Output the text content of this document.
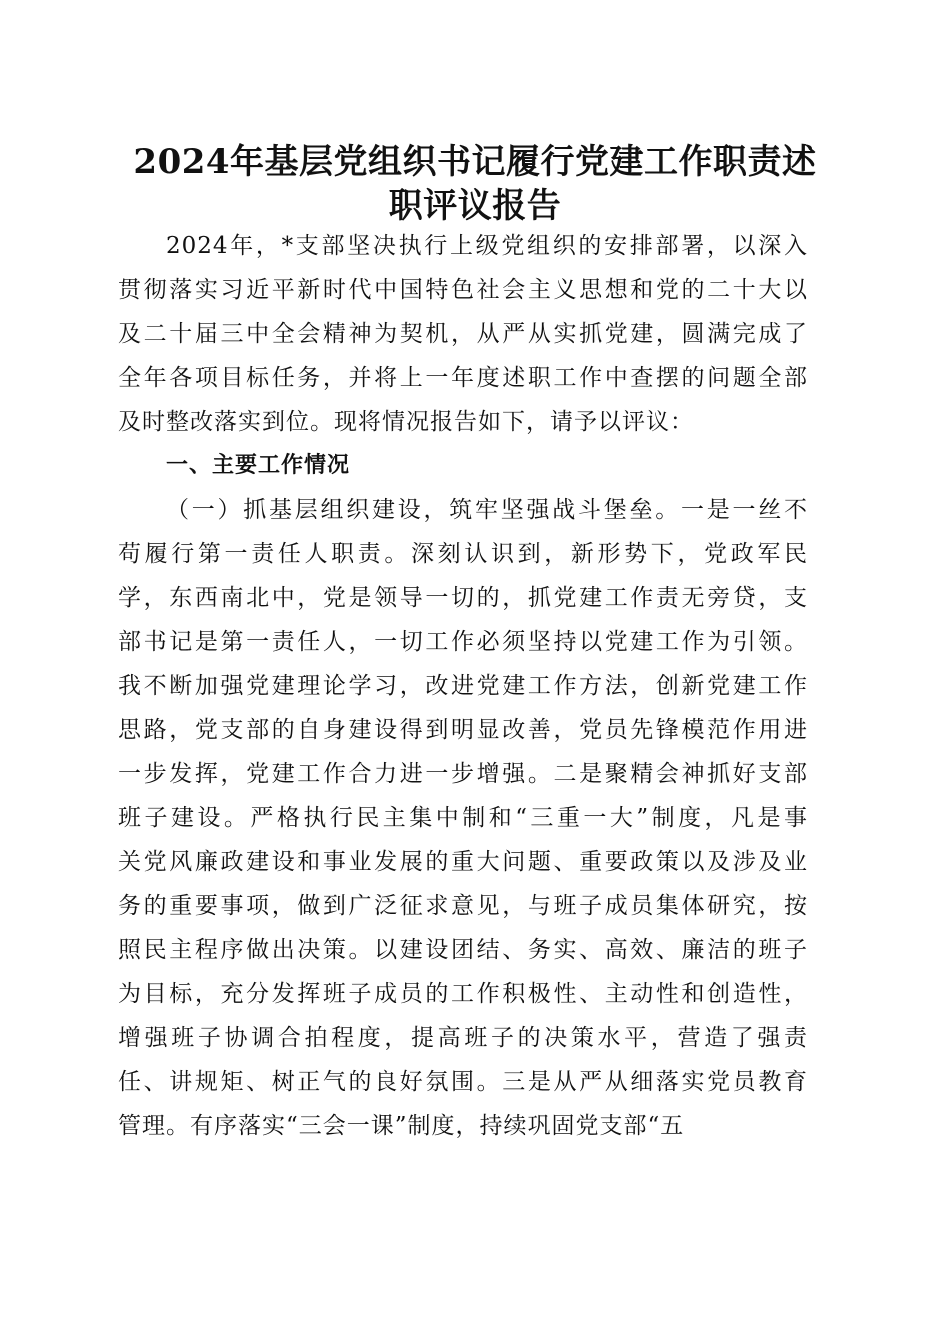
2024年基层党组织书记履行党建工作职责述
职评议报告
2024年，*支部坚决执行上级党组织的安排部署，以深入
贯彻落实习近平新时代中国特色社会主义思想和党的二十大以
及二十届三中全会精神为契机，从严从实抓党建，圆满完成了
全年各项目标任务，并将上一年度述职工作中查摆的问题全部
及时整改落实到位。现将情况报告如下，请予以评议：
一、主要工作情况
（一）抓基层组织建设，筑牢坚强战斗堡垒。一是一丝不
苟履行第一责任人职责。深刻认识到，新形势下，党政军民
学，东西南北中，党是领导一切的，抓党建工作责无旁贷，支
部书记是第一责任人，一切工作必须坚持以党建工作为引领。
我不断加强党建理论学习，改进党建工作方法，创新党建工作
思路，党支部的自身建设得到明显改善，党员先锋模范作用进
一步发挥，党建工作合力进一步增强。二是聚精会神抓好支部
班子建设。严格执行民主集中制和“三重一大”制度，凡是事
关党风廉政建设和事业发展的重大问题、重要政策以及涉及业
务的重要事项，做到广泛征求意见，与班子成员集体研究，按
照民主程序做出决策。以建设团结、务实、高效、廉洁的班子
为目标，充分发挥班子成员的工作积极性、主动性和创造性，
增强班子协调合拍程度，提高班子的决策水平，营造了强责
任、讲规矩、树正气的良好氛围。三是从严从细落实党员教育
管理。有序落实“三会一课”制度，持续巩固党支部“五
